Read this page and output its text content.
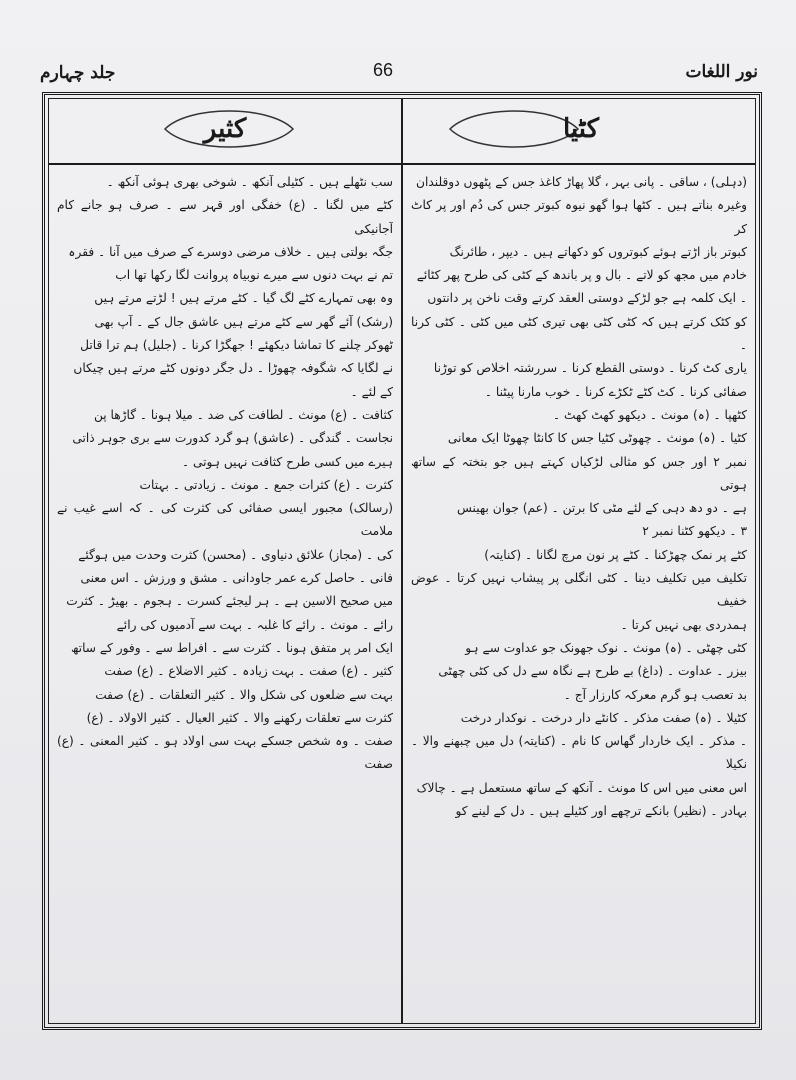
جلد چہارم	66	نور اللغات
کٹیا
کثیر

(دہلی) ، ساقی ۔ پانی بہر ، گلا پھاڑ کاغذ جس کے پٹھوں دوقلندان

وغیرہ بناتے ہیں ۔ کٹھا ہوا گھو نیوہ کبوتر جس کی دُم اور پر کاٹ کر

کبوتر باز اڑتے ہوئے کبوتروں کو دکھاتے ہیں ۔ دیپر ، طائرنگ

خادم میں مجھ کو لاتے ۔ بال و پر باندھ کے کٹی کی طرح پھر کٹائے

۔ ایک کلمہ ہے جو لڑکے دوستی العقد کرتے وقت ناخن پر دانتوں

کو کٹک کرتے ہیں کہ کٹی کٹی بھی تیری کٹی میں کٹی ۔ کٹی کرنا ۔

یاری کٹ کرنا ۔ دوستی القطع کرنا ۔ سررشتہ اخلاص کو توڑنا

صفائی کرنا ۔ کٹ کٹے ٹکڑے کرنا ۔ خوب مارنا پیٹنا ۔

کٹھپا ۔ (ہ) مونث ۔ دیکھو کھٹ کھٹ ۔

کٹیا ۔ (ہ) مونث ۔ چھوٹی کٹیا جس کا کانٹا چھوٹا ایک معانی

نمبر ۲ اور جس کو مثالی لڑکیاں کہتے ہیں جو بتختہ کے ساتھ ہوتی

ہے ۔ دو دھ دہی کے لئے مٹی کا برتن ۔ (عم) جوان بھینس

۳ ۔ دیکھو کٹنا نمبر ۲

کٹے پر نمک چھڑکنا ۔ کٹے پر نون مرچ لگانا ۔ (کنایتہ)

تکلیف میں تکلیف دینا ۔ کٹی انگلی پر پیشاب نہیں کرتا ۔ عوض خفیف

ہمدردی بھی نہیں کرتا ۔

کٹی چھٹی ۔ (ہ) مونث ۔ نوک جھونک جو عداوت سے ہو

بیزر ۔ عداوت ۔ (داغ) بے طرح ہے نگاہ سے دل کی کٹی چھٹی

بد تعصب ہو گرم معرکہ کارزار آج ۔

کٹیلا ۔ (ہ) صفت مذکر ۔ کانٹے دار درخت ۔ نوکدار درخت

۔ مذکر ۔ ایک خاردار گھاس کا نام ۔ (کنایتہ) دل میں چبھنے والا ۔ نکیلا

اس معنی میں اس کا مونث ۔ آنکھ کے ساتھ مستعمل ہے ۔ چالاک

بہادر ۔ (نظیر) بانکے ترچھے اور کٹیلے ہیں ۔ دل کے لینے کو

سب نٹھلے ہیں ۔ کٹیلی آنکھ ۔ شوخی بھری ہوئی آنکھ ۔

کٹے میں لگنا ۔ (ع) خفگی اور قہر سے ۔ صرف ہو جانے کام آجانیکی

جگہ بولتی ہیں ۔ خلاف مرضی دوسرے کے صرف میں آنا ۔ فقرہ

تم نے بہت دنوں سے میرے نوبیاہ پروانت لگا رکھا تھا اب

وہ بھی تمہارے کٹے لگ گیا ۔ کٹے مرتے ہیں ! لڑتے مرتے ہیں

(رشک) آئے گھر سے کٹے مرتے ہیں عاشق جال کے ۔ آپ بھی

ٹھوکر چلنے کا تماشا دیکھئے ! جھگڑا کرنا ۔ (جلیل) ہم ترا قاتل

نے لگایا کہ شگوفہ چھوڑا ۔ دل جگر دونوں کٹے مرتے ہیں چیکاں

کے لئے ۔

کثافت ۔ (ع) مونث ۔ لطافت کی ضد ۔ میلا ہونا ۔ گاڑھا پن

نجاست ۔ گندگی ۔ (عاشق) ہو گرد کدورت سے بری جوہر ذاتی

ہیرے میں کسی طرح کثافت نہیں ہوتی ۔

کثرت ۔ (ع) کثرات جمع ۔ مونث ۔ زیادتی ۔ بہتات

(رسالک) مجبور ایسی صفائی کی کثرت کی ۔ کہ اسے غیب نے ملامت

کی ۔ (مجاز) علائق دنیاوی ۔ (محسن) کثرت وحدت میں ہوگئے

فانی ۔ حاصل کرے عمر جاودانی ۔ مشق و ورزش ۔ اس معنی

میں صحیح الاسین ہے ۔ ہر لیجئے کسرت ۔ ہجوم ۔ بھیڑ ۔ کثرت

رائے ۔ مونث ۔ رائے کا غلبہ ۔ بہت سے آدمیوں کی رائے

ایک امر پر متفق ہونا ۔ کثرت سے ۔ افراط سے ۔ وفور کے ساتھ

کثیر ۔ (ع) صفت ۔ بہت زیادہ ۔ کثیر الاضلاع ۔ (ع) صفت

بہت سے ضلعوں کی شکل والا ۔ کثیر التعلقات ۔ (ع) صفت

کثرت سے تعلقات رکھنے والا ۔ کثیر العیال ۔ کثیر الاولاد ۔ (ع)

صفت ۔ وہ شخص جسکے بہت سی اولاد ہو ۔ کثیر المعنی ۔ (ع) صفت
